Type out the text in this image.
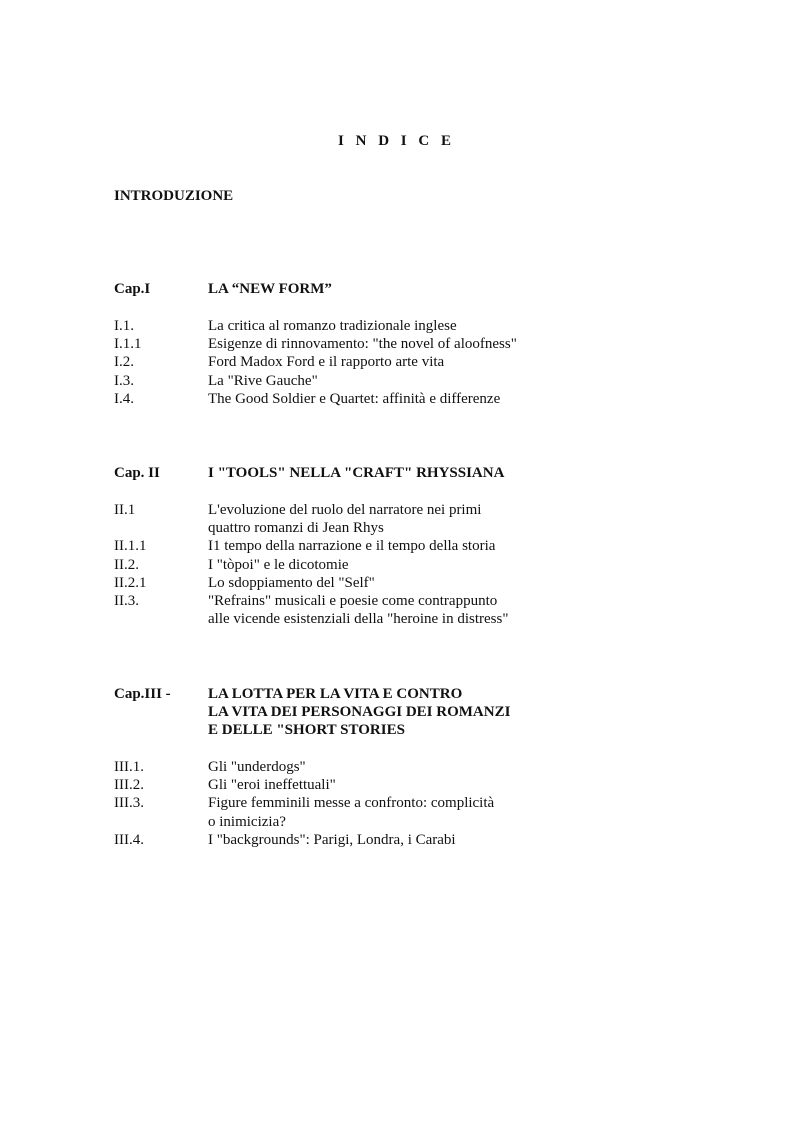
I N D I C E
INTRODUZIONE
Cap.I	LA “NEW FORM”
I.1.	La critica al romanzo tradizionale inglese
I.1.1	Esigenze di rinnovamento: "the novel of aloofness"
I.2.	Ford Madox Ford e il rapporto arte vita
I.3.	La "Rive Gauche"
I.4.	The Good Soldier e Quartet: affinità e differenze
Cap. II	I "TOOLS" NELLA "CRAFT" RHYSSIANA
II.1	L'evoluzione del ruolo del narratore nei primi
quattro romanzi di Jean Rhys
II.1.1	I1 tempo della narrazione e il tempo della storia
II.2.	I "tòpoi" e le dicotomie
II.2.1	Lo sdoppiamento del "Self"
II.3.	"Refrains" musicali e poesie come contrappunto
alle vicende esistenziali della "heroine in distress"
Cap.III - LA LOTTA PER LA VITA E CONTRO
LA VITA DEI PERSONAGGI DEI ROMANZI
E DELLE "SHORT STORIES
III.1.	Gli "underdogs"
III.2.	Gli "eroi ineffettuali"
III.3.	Figure femminili messe a confronto: complicità
o inimicizia?
III.4.	I "backgrounds": Parigi, Londra, i Carabi
